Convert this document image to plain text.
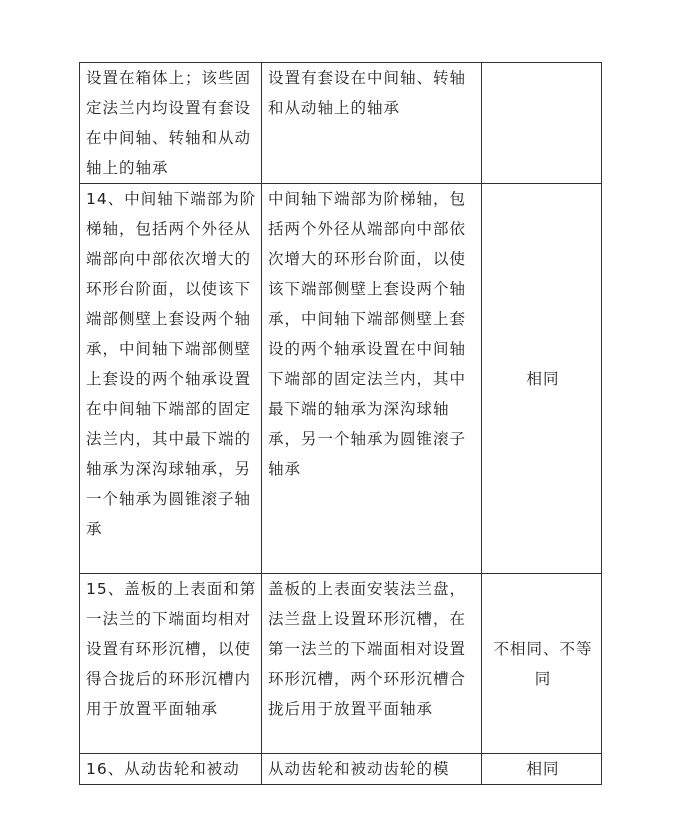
设置在箱体上；该些固定法兰内均设置有套设在中间轴、转轴和从动轴上的轴承	设置有套设在中间轴、转轴和从动轴上的轴承	

14、中间轴下端部为阶梯轴，包括两个外径从端部向中部依次增大的环形台阶面，以使该下端部侧壁上套设两个轴承，中间轴下端部侧壁上套设的两个轴承设置在中间轴下端部的固定法兰内，其中最下端的轴承为深沟球轴承，另一个轴承为圆锥滚子轴承	中间轴下端部为阶梯轴，包括两个外径从端部向中部依次增大的环形台阶面，以使该下端部侧壁上套设两个轴承，中间轴下端部侧壁上套设的两个轴承设置在中间轴下端部的固定法兰内，其中最下端的轴承为深沟球轴承，另一个轴承为圆锥滚子轴承	相同

15、盖板的上表面和第一法兰的下端面均相对设置有环形沉槽，以使得合拢后的环形沉槽内用于放置平面轴承	盖板的上表面安装法兰盘，法兰盘上设置环形沉槽，在第一法兰的下端面相对设置环形沉槽，两个环形沉槽合拢后用于放置平面轴承	不相同、不等同

16、从动齿轮和被动	从动齿轮和被动齿轮的模	相同
